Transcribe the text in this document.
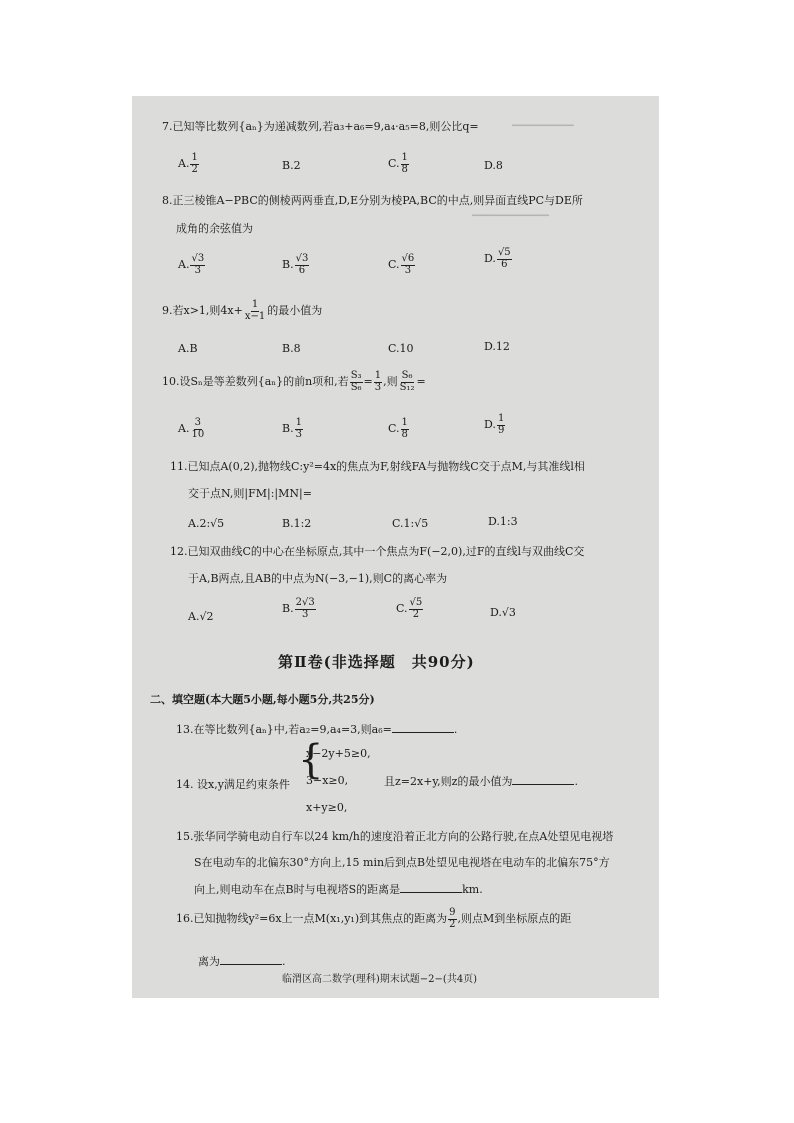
▔▔▔▔▔▔▔▔
▔▔▔▔▔▔▔▔▔▔
7.已知等比数列{aₙ}为递减数列,若a₃+a₆=9,a₄·a₅=8,则公比q=
A. $\frac{1}{2}$	B.2	C. $\frac{1}{8}$	D.8
8.正三棱锥A−PBC的侧棱两两垂直,D,E分别为棱PA,BC的中点,则异面直线PC与DE所
成角的余弦值为
A. $\frac{√3}{3}$	B. $\frac{√3}{6}$	C. $\frac{√6}{3}$	D. $\frac{√5}{6}$
9.若x>1,则$4x+ \frac{1}{x-1}$ 的最小值为
A.B	B.8	C.10	D.12
10.设Sₙ是等差数列{aₙ}的前n项和,若 $\frac{\text{S₃}}{\text{S₆}} = \frac{1}{3}$ ,则 $\frac{\text{S₆}}{\text{S₁₂}}$ =
A. $\frac{3}{10}$	B. $\frac{1}{3}$	C. $\frac{1}{8}$	D. $\frac{1}{9}$
11.已知点A(0,2),抛物线C:y²=4x的焦点为F,射线FA与抛物线C交于点M,与其准线l相
交于点N,则|FM|:|MN|=
A.2:√5	B.1:2	C.1:√5	D.1:3
12.已知双曲线C的中心在坐标原点,其中一个焦点为F(−2,0),过F的直线l与双曲线C交
于A,B两点,且AB的中点为N(−3,−1),则C的离心率为
A.√2
B. $\frac{2√3}{3}$	C. $\frac{√5}{2}$	D.√3
第Ⅱ卷(非选择题　共90分)
二、填空题(本大题5小题,每小题5分,共25分)
13.在等比数列{aₙ}中,若a₂=9,a₄=3,则a₆=	.
14. 设x,y满足约束条件
{
x−2y+5≥0,
3−x≥0,
x+y≥0,
且z=2x+y,则z的最小值为	.
15.张华同学骑电动自行车以24 km/h的速度沿着正北方向的公路行驶,在点A处望见电视塔
S在电动车的北偏东30°方向上,15 min后到点B处望见电视塔在电动车的北偏东75°方
向上,则电动车在点B时与电视塔S的距离是	km.
16.已知抛物线y²=6x上一点M(x₁,y₁)到其焦点的距离为 $\frac{9}{2}$ ,则点M到坐标原点的距
离为	.
临渭区高二数学(理科)期末试题−2−(共4页)
